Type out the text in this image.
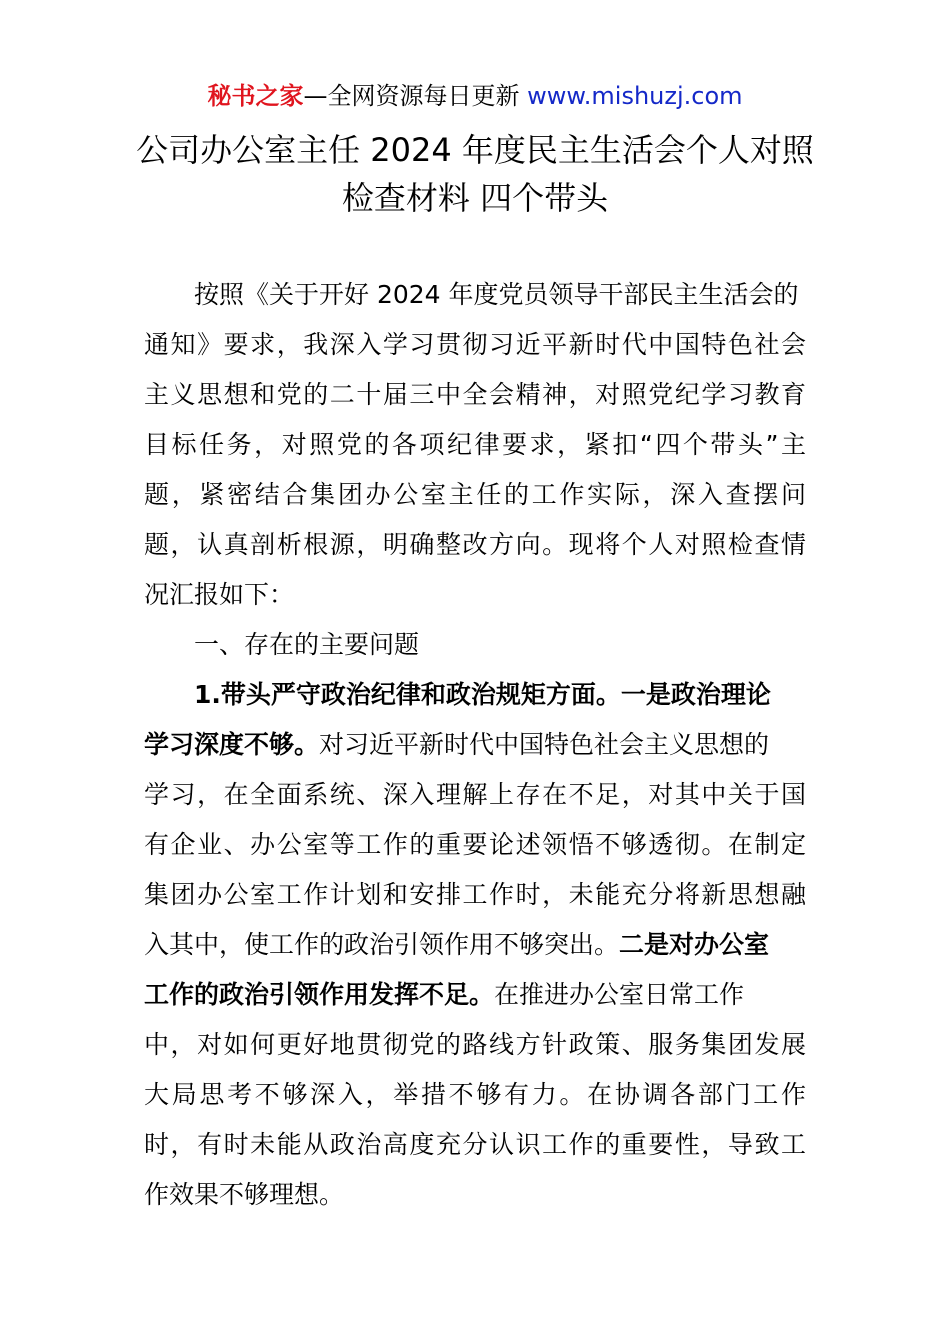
秘书之家—全网资源每日更新 www.mishuzj.com
公司办公室主任 2024 年度民主生活会个人对照
检查材料 四个带头
按照《关于开好 2024 年度党员领导干部民主生活会的
通知》要求，我深入学习贯彻习近平新时代中国特色社会
主义思想和党的二十届三中全会精神，对照党纪学习教育
目标任务，对照党的各项纪律要求，紧扣“四个带头”主
题，紧密结合集团办公室主任的工作实际，深入查摆问
题，认真剖析根源，明确整改方向。现将个人对照检查情
况汇报如下：
一、存在的主要问题
1.带头严守政治纪律和政治规矩方面。一是政治理论
学习深度不够。对习近平新时代中国特色社会主义思想的
学习，在全面系统、深入理解上存在不足，对其中关于国
有企业、办公室等工作的重要论述领悟不够透彻。在制定
集团办公室工作计划和安排工作时，未能充分将新思想融
入其中，使工作的政治引领作用不够突出。二是对办公室
工作的政治引领作用发挥不足。在推进办公室日常工作
中，对如何更好地贯彻党的路线方针政策、服务集团发展
大局思考不够深入，举措不够有力。在协调各部门工作
时，有时未能从政治高度充分认识工作的重要性，导致工
作效果不够理想。
